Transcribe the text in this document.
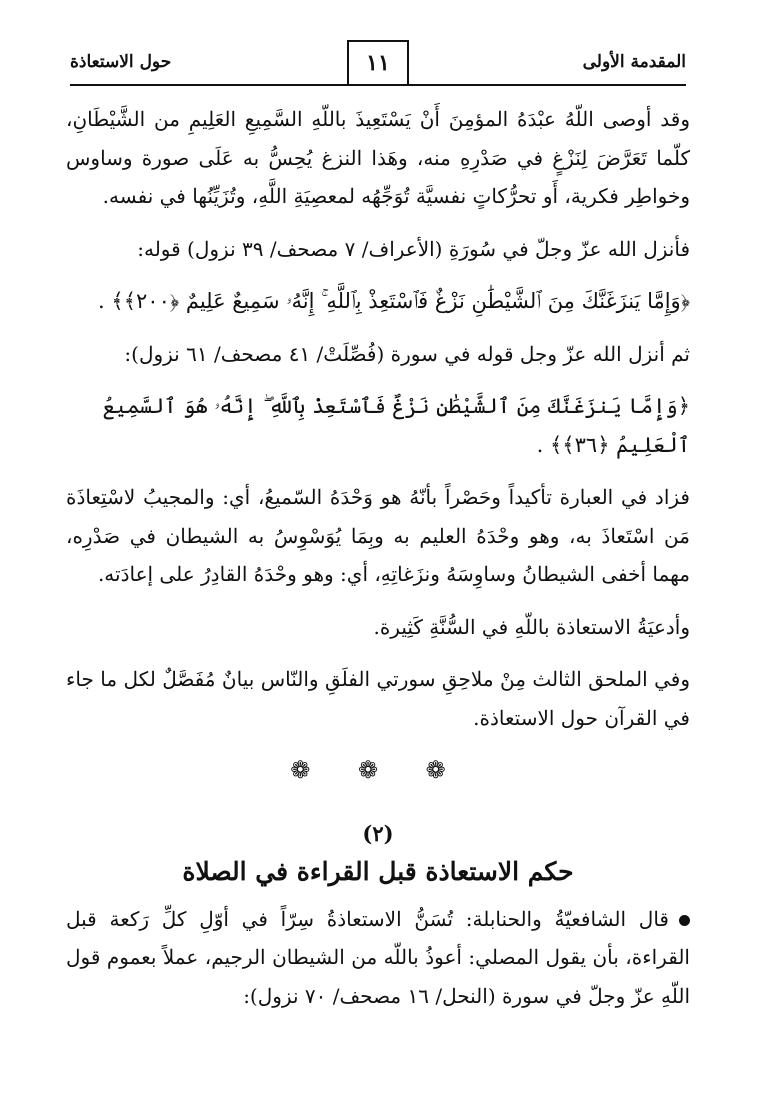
المقدمة الأولى
١١
حول الاستعاذة

وقد أوصى اللّهُ عبْدَهُ المؤمِنَ أَنْ يَسْتَعِيذَ باللّهِ السَّمِيعِ العَلِيمِ من الشَّيْطَانِ، كلّما تَعَرَّضَ لِنَزْغٍ في صَدْرِهِ منه، وهَذا النزغ يُحِسُّ به عَلَى صورة وساوس وخواطِر فكرية، أَو تحرُّكاتٍ نفسيَّة تُوَجِّهُه لمعصِيَةِ اللَّهِ، وتُزَيِّنُها في نفسه.

فأنزل الله عزّ وجلّ في سُورَةِ (الأعراف/ ٧ مصحف/ ٣٩ نزول) قوله:

﴿وَإِمَّا يَنزَغَنَّكَ مِنَ ٱلشَّيْطَٰنِ نَزْغٌ فَٱسْتَعِذْ بِٱللَّهِ ۚ إِنَّهُۥ سَمِيعٌ عَلِيمٌ ﴿٢٠٠﴾﴾ .

ثم أنزل الله عزّ وجل قوله في سورة (فُصِّلَتْ/ ٤١ مصحف/ ٦١ نزول):

﴿وَإِمَّا يَنزَغَنَّكَ مِنَ ٱلشَّيْطَٰنِ نَزْغٌ فَٱسْتَعِذْ بِٱللَّهِ ۖ إِنَّهُۥ هُوَ ٱلسَّمِيعُ ٱلْعَلِيمُ ﴿٣٦﴾﴾ .

فزاد في العبارة تأكيداً وحَصْراً بأنّهُ هو وَحْدَهُ السّميعُ، أي: والمجيبُ لاسْتِعاذَة مَن اسْتَعاذَ به، وهو وحْدَهُ العليم به وبِمَا يُوَسْوِسُ به الشيطان في صَدْرِه، مهما أخفى الشيطانُ وساوِسَهُ ونزَغاتِهِ، أي: وهو وحْدَهُ القادِرُ على إعادَته.

وأدعيَةُ الاستعاذة باللّهِ في السُّنَّةِ كَثِيرة.

وفي الملحق الثالث مِنْ ملاحِقِ سورتي الفلَقِ والنّاس بيانٌ مُفَصَّلٌ لكل ما جاء في القرآن حول الاستعاذة.

❁ ❁ ❁
(٢)
حكم الاستعاذة قبل القراءة في الصلاة

قال الشافعيّةُ والحنابلة: تُسَنُّ الاستعاذةُ سِرّاً في أوّلِ كلِّ رَكعة قبل القراءة، بأن يقول المصلي: أعوذُ باللّه من الشيطان الرجيم، عملاً بعموم قول اللّهِ عزّ وجلّ في سورة (النحل/ ١٦ مصحف/ ٧٠ نزول):
